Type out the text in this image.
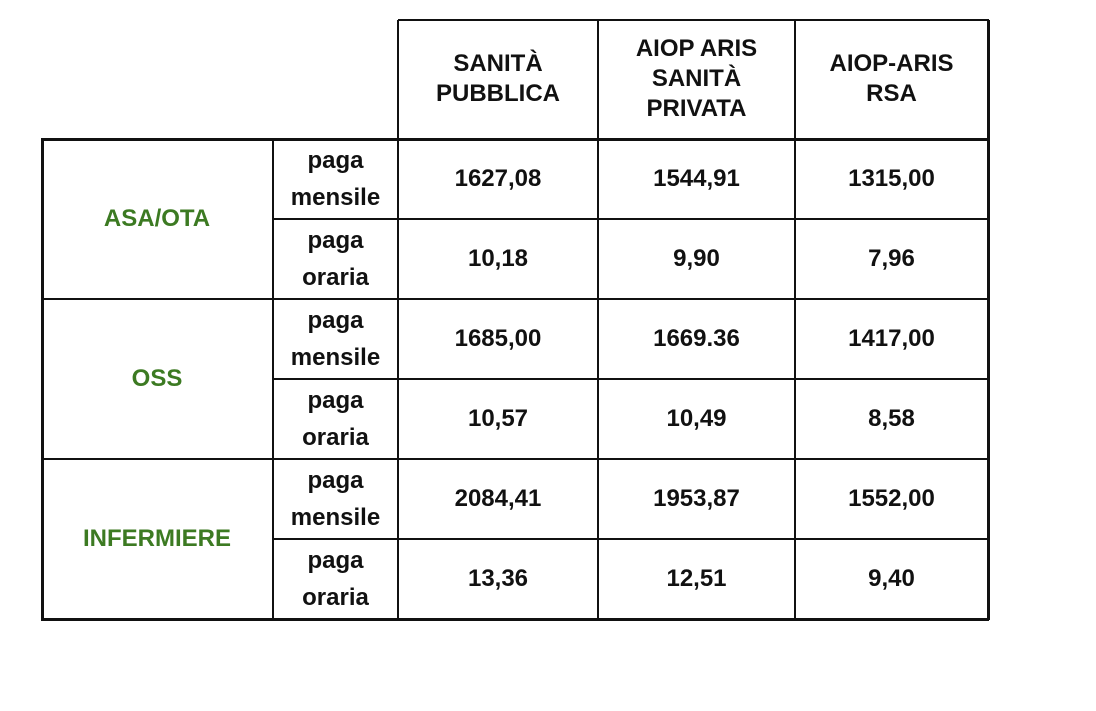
SANITÀ
PUBBLICA
AIOP ARIS
SANITÀ
PRIVATA
AIOP-ARIS
RSA
ASA/OTA
paga
mensile
paga
oraria
1627,08
10,18
1544,91
9,90
1315,00
7,96
OSS
paga
mensile
paga
oraria
1685,00
10,57
1669.36
10,49
1417,00
8,58
INFERMIERE
paga
mensile
paga
oraria
2084,41
13,36
1953,87
12,51
1552,00
9,40
